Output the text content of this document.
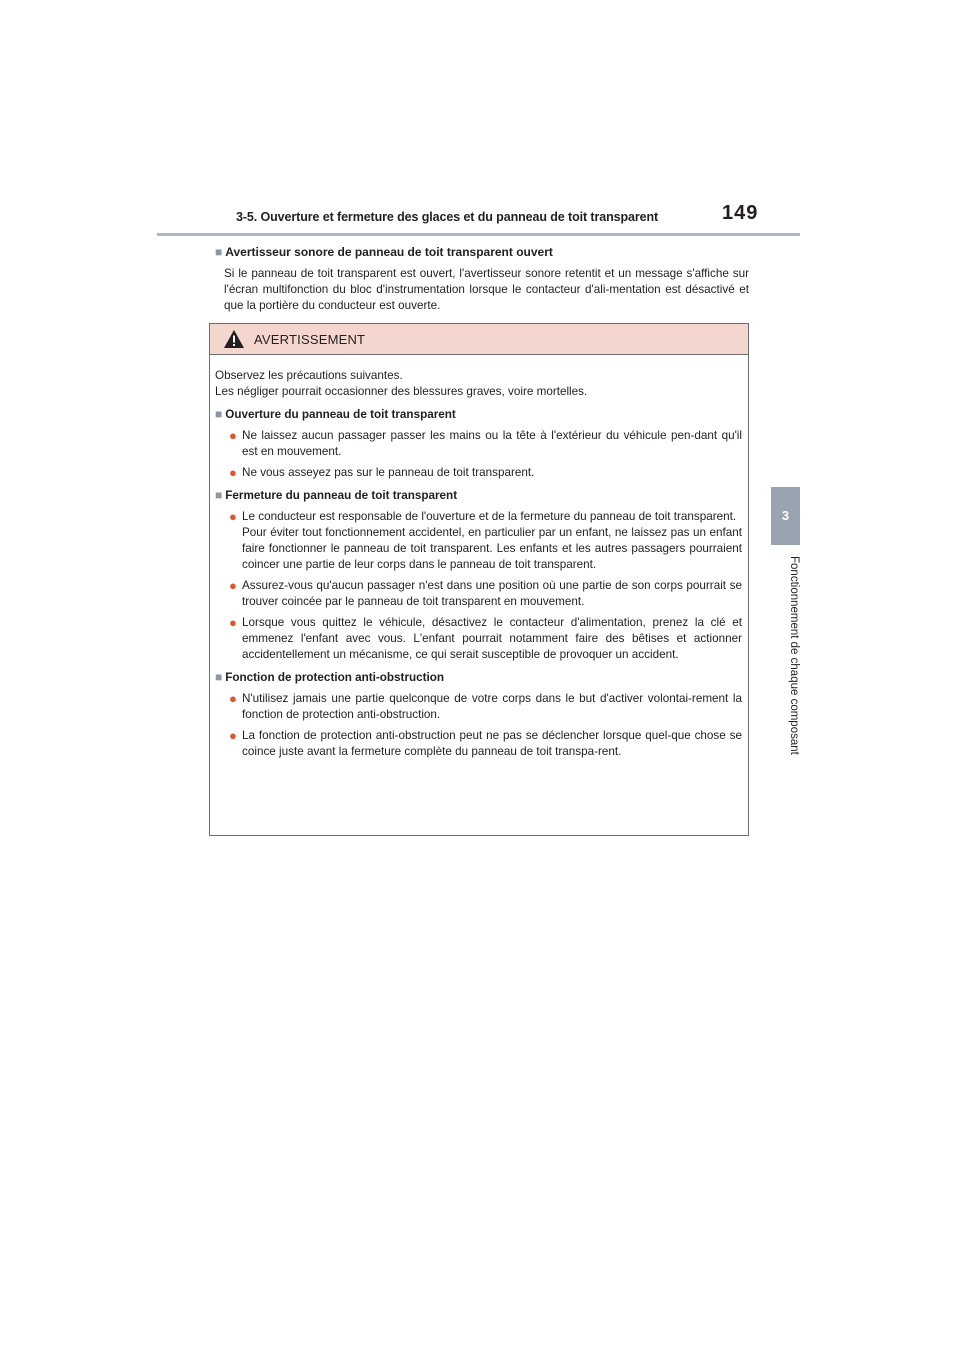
3-5. Ouverture et fermeture des glaces et du panneau de toit transparent	149
3
Fonctionnement de chaque composant
■ Avertisseur sonore de panneau de toit transparent ouvert
Si le panneau de toit transparent est ouvert, l'avertisseur sonore retentit et un message s'affiche sur l'écran multifonction du bloc d'instrumentation lorsque le contacteur d'ali-mentation est désactivé et que la portière du conducteur est ouverte.
AVERTISSEMENT
Observez les précautions suivantes.
Les négliger pourrait occasionner des blessures graves, voire mortelles.
■ Ouverture du panneau de toit transparent
● Ne laissez aucun passager passer les mains ou la tête à l'extérieur du véhicule pen-dant qu'il est en mouvement.
● Ne vous asseyez pas sur le panneau de toit transparent.
■ Fermeture du panneau de toit transparent
● Le conducteur est responsable de l'ouverture et de la fermeture du panneau de toit transparent.
Pour éviter tout fonctionnement accidentel, en particulier par un enfant, ne laissez pas un enfant faire fonctionner le panneau de toit transparent. Les enfants et les autres passagers pourraient coincer une partie de leur corps dans le panneau de toit transparent.
● Assurez-vous qu'aucun passager n'est dans une position où une partie de son corps pourrait se trouver coincée par le panneau de toit transparent en mouvement.
● Lorsque vous quittez le véhicule, désactivez le contacteur d'alimentation, prenez la clé et emmenez l'enfant avec vous. L'enfant pourrait notamment faire des bêtises et actionner accidentellement un mécanisme, ce qui serait susceptible de provoquer un accident.
■ Fonction de protection anti-obstruction
● N'utilisez jamais une partie quelconque de votre corps dans le but d'activer volontai-rement la fonction de protection anti-obstruction.
● La fonction de protection anti-obstruction peut ne pas se déclencher lorsque quel-que chose se coince juste avant la fermeture complète du panneau de toit transpa-rent.
